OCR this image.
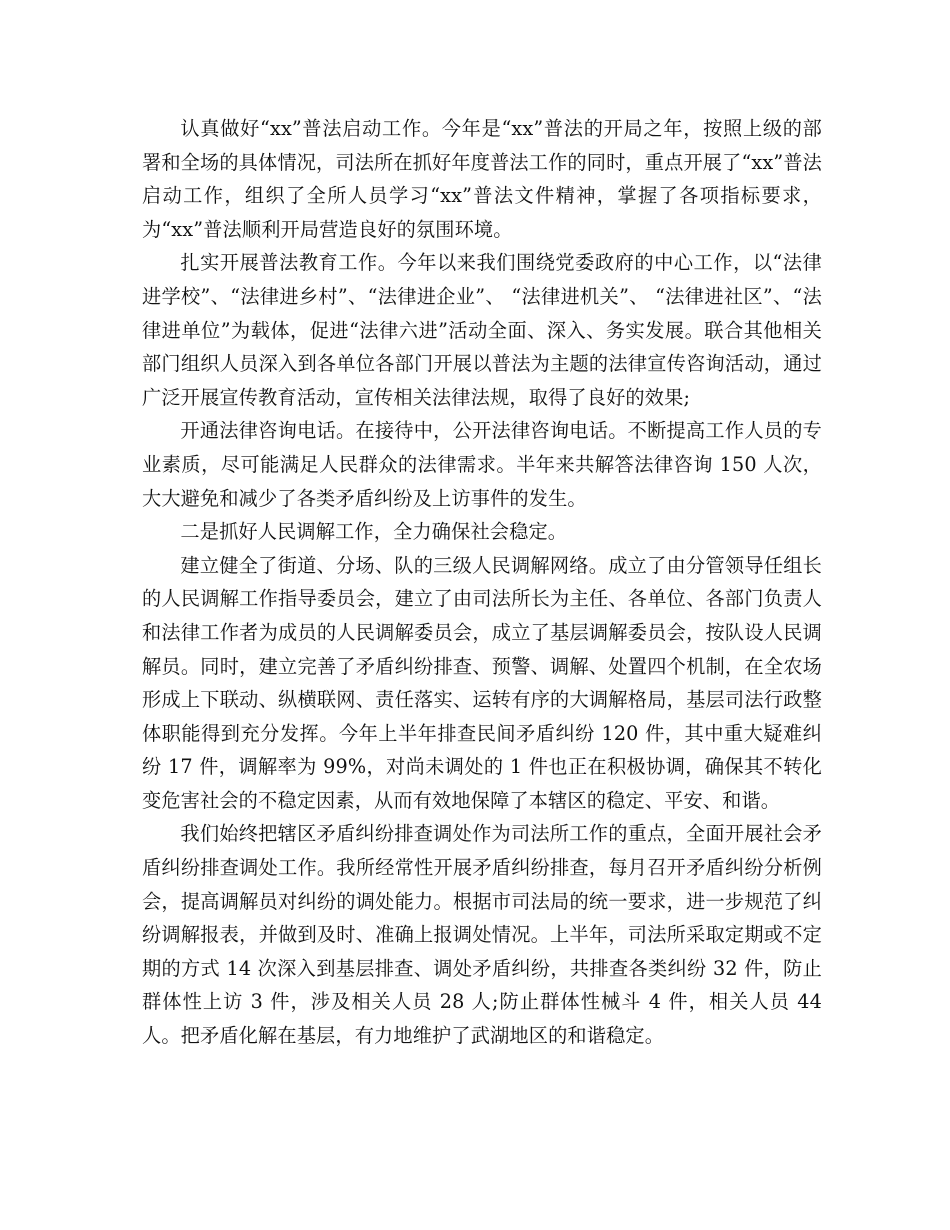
认真做好“xx”普法启动工作。今年是“xx”普法的开局之年，按照上级的部署和全场的具体情况，司法所在抓好年度普法工作的同时，重点开展了“xx”普法启动工作，组织了全所人员学习“xx”普法文件精神，掌握了各项指标要求，为“xx”普法顺利开局营造良好的氛围环境。

扎实开展普法教育工作。今年以来我们围绕党委政府的中心工作，以“法律进学校”、“法律进乡村”、“法律进企业”、 “法律进机关”、 “法律进社区”、“法律进单位”为载体，促进“法律六进”活动全面、深入、务实发展。联合其他相关部门组织人员深入到各单位各部门开展以普法为主题的法律宣传咨询活动，通过广泛开展宣传教育活动，宣传相关法律法规，取得了良好的效果;

开通法律咨询电话。在接待中，公开法律咨询电话。不断提高工作人员的专业素质，尽可能满足人民群众的法律需求。半年来共解答法律咨询 150 人次，大大避免和减少了各类矛盾纠纷及上访事件的发生。

二是抓好人民调解工作，全力确保社会稳定。

建立健全了街道、分场、队的三级人民调解网络。成立了由分管领导任组长的人民调解工作指导委员会，建立了由司法所长为主任、各单位、各部门负责人和法律工作者为成员的人民调解委员会，成立了基层调解委员会，按队设人民调解员。同时，建立完善了矛盾纠纷排查、预警、调解、处置四个机制，在全农场形成上下联动、纵横联网、责任落实、运转有序的大调解格局，基层司法行政整体职能得到充分发挥。今年上半年排查民间矛盾纠纷 120 件，其中重大疑难纠纷 17 件，调解率为 99%，对尚未调处的 1 件也正在积极协调，确保其不转化变危害社会的不稳定因素，从而有效地保障了本辖区的稳定、平安、和谐。

我们始终把辖区矛盾纠纷排查调处作为司法所工作的重点，全面开展社会矛盾纠纷排查调处工作。我所经常性开展矛盾纠纷排查，每月召开矛盾纠纷分析例会，提高调解员对纠纷的调处能力。根据市司法局的统一要求，进一步规范了纠纷调解报表，并做到及时、准确上报调处情况。上半年，司法所采取定期或不定期的方式 14 次深入到基层排查、调处矛盾纠纷，共排查各类纠纷 32 件，防止群体性上访 3 件，涉及相关人员 28 人;防止群体性械斗 4 件，相关人员 44 人。把矛盾化解在基层，有力地维护了武湖地区的和谐稳定。
